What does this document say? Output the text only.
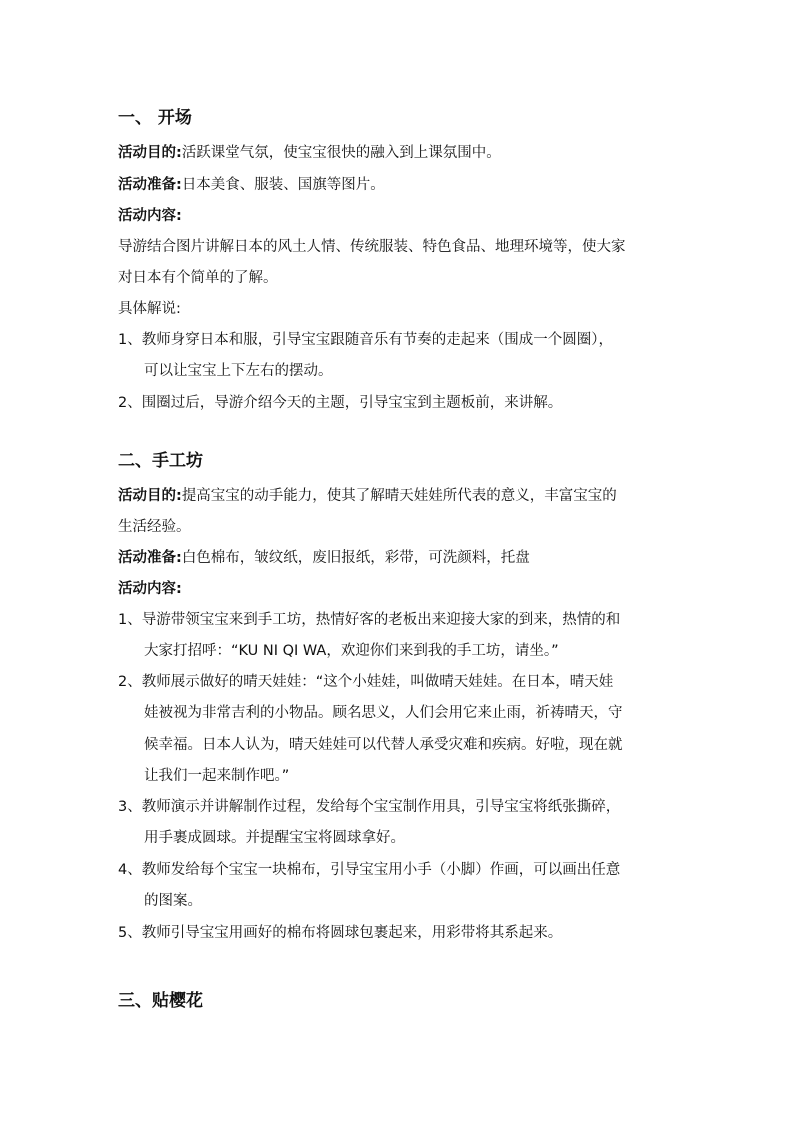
一、 开场
活动目的:活跃课堂气氛，使宝宝很快的融入到上课氛围中。
活动准备:日本美食、服装、国旗等图片。
活动内容:
导游结合图片讲解日本的风土人情、传统服装、特色食品、地理环境等，使大家
对日本有个简单的了解。
具体解说:
1、教师身穿日本和服，引导宝宝跟随音乐有节奏的走起来（围成一个圆圈），
可以让宝宝上下左右的摆动。
2、围圈过后，导游介绍今天的主题，引导宝宝到主题板前，来讲解。
二、手工坊
活动目的:提高宝宝的动手能力，使其了解晴天娃娃所代表的意义，丰富宝宝的
生活经验。
活动准备:白色棉布，皱纹纸，废旧报纸，彩带，可洗颜料，托盘
活动内容:
1、导游带领宝宝来到手工坊，热情好客的老板出来迎接大家的到来，热情的和
大家打招呼：“KU NI QI WA，欢迎你们来到我的手工坊，请坐。”
2、教师展示做好的晴天娃娃：“这个小娃娃，叫做晴天娃娃。在日本，晴天娃
娃被视为非常吉利的小物品。顾名思义，人们会用它来止雨，祈祷晴天，守
候幸福。日本人认为，晴天娃娃可以代替人承受灾难和疾病。好啦，现在就
让我们一起来制作吧。”
3、教师演示并讲解制作过程，发给每个宝宝制作用具，引导宝宝将纸张撕碎，
用手裹成圆球。并提醒宝宝将圆球拿好。
4、教师发给每个宝宝一块棉布，引导宝宝用小手（小脚）作画，可以画出任意
的图案。
5、教师引导宝宝用画好的棉布将圆球包裹起来，用彩带将其系起来。
三、贴樱花
